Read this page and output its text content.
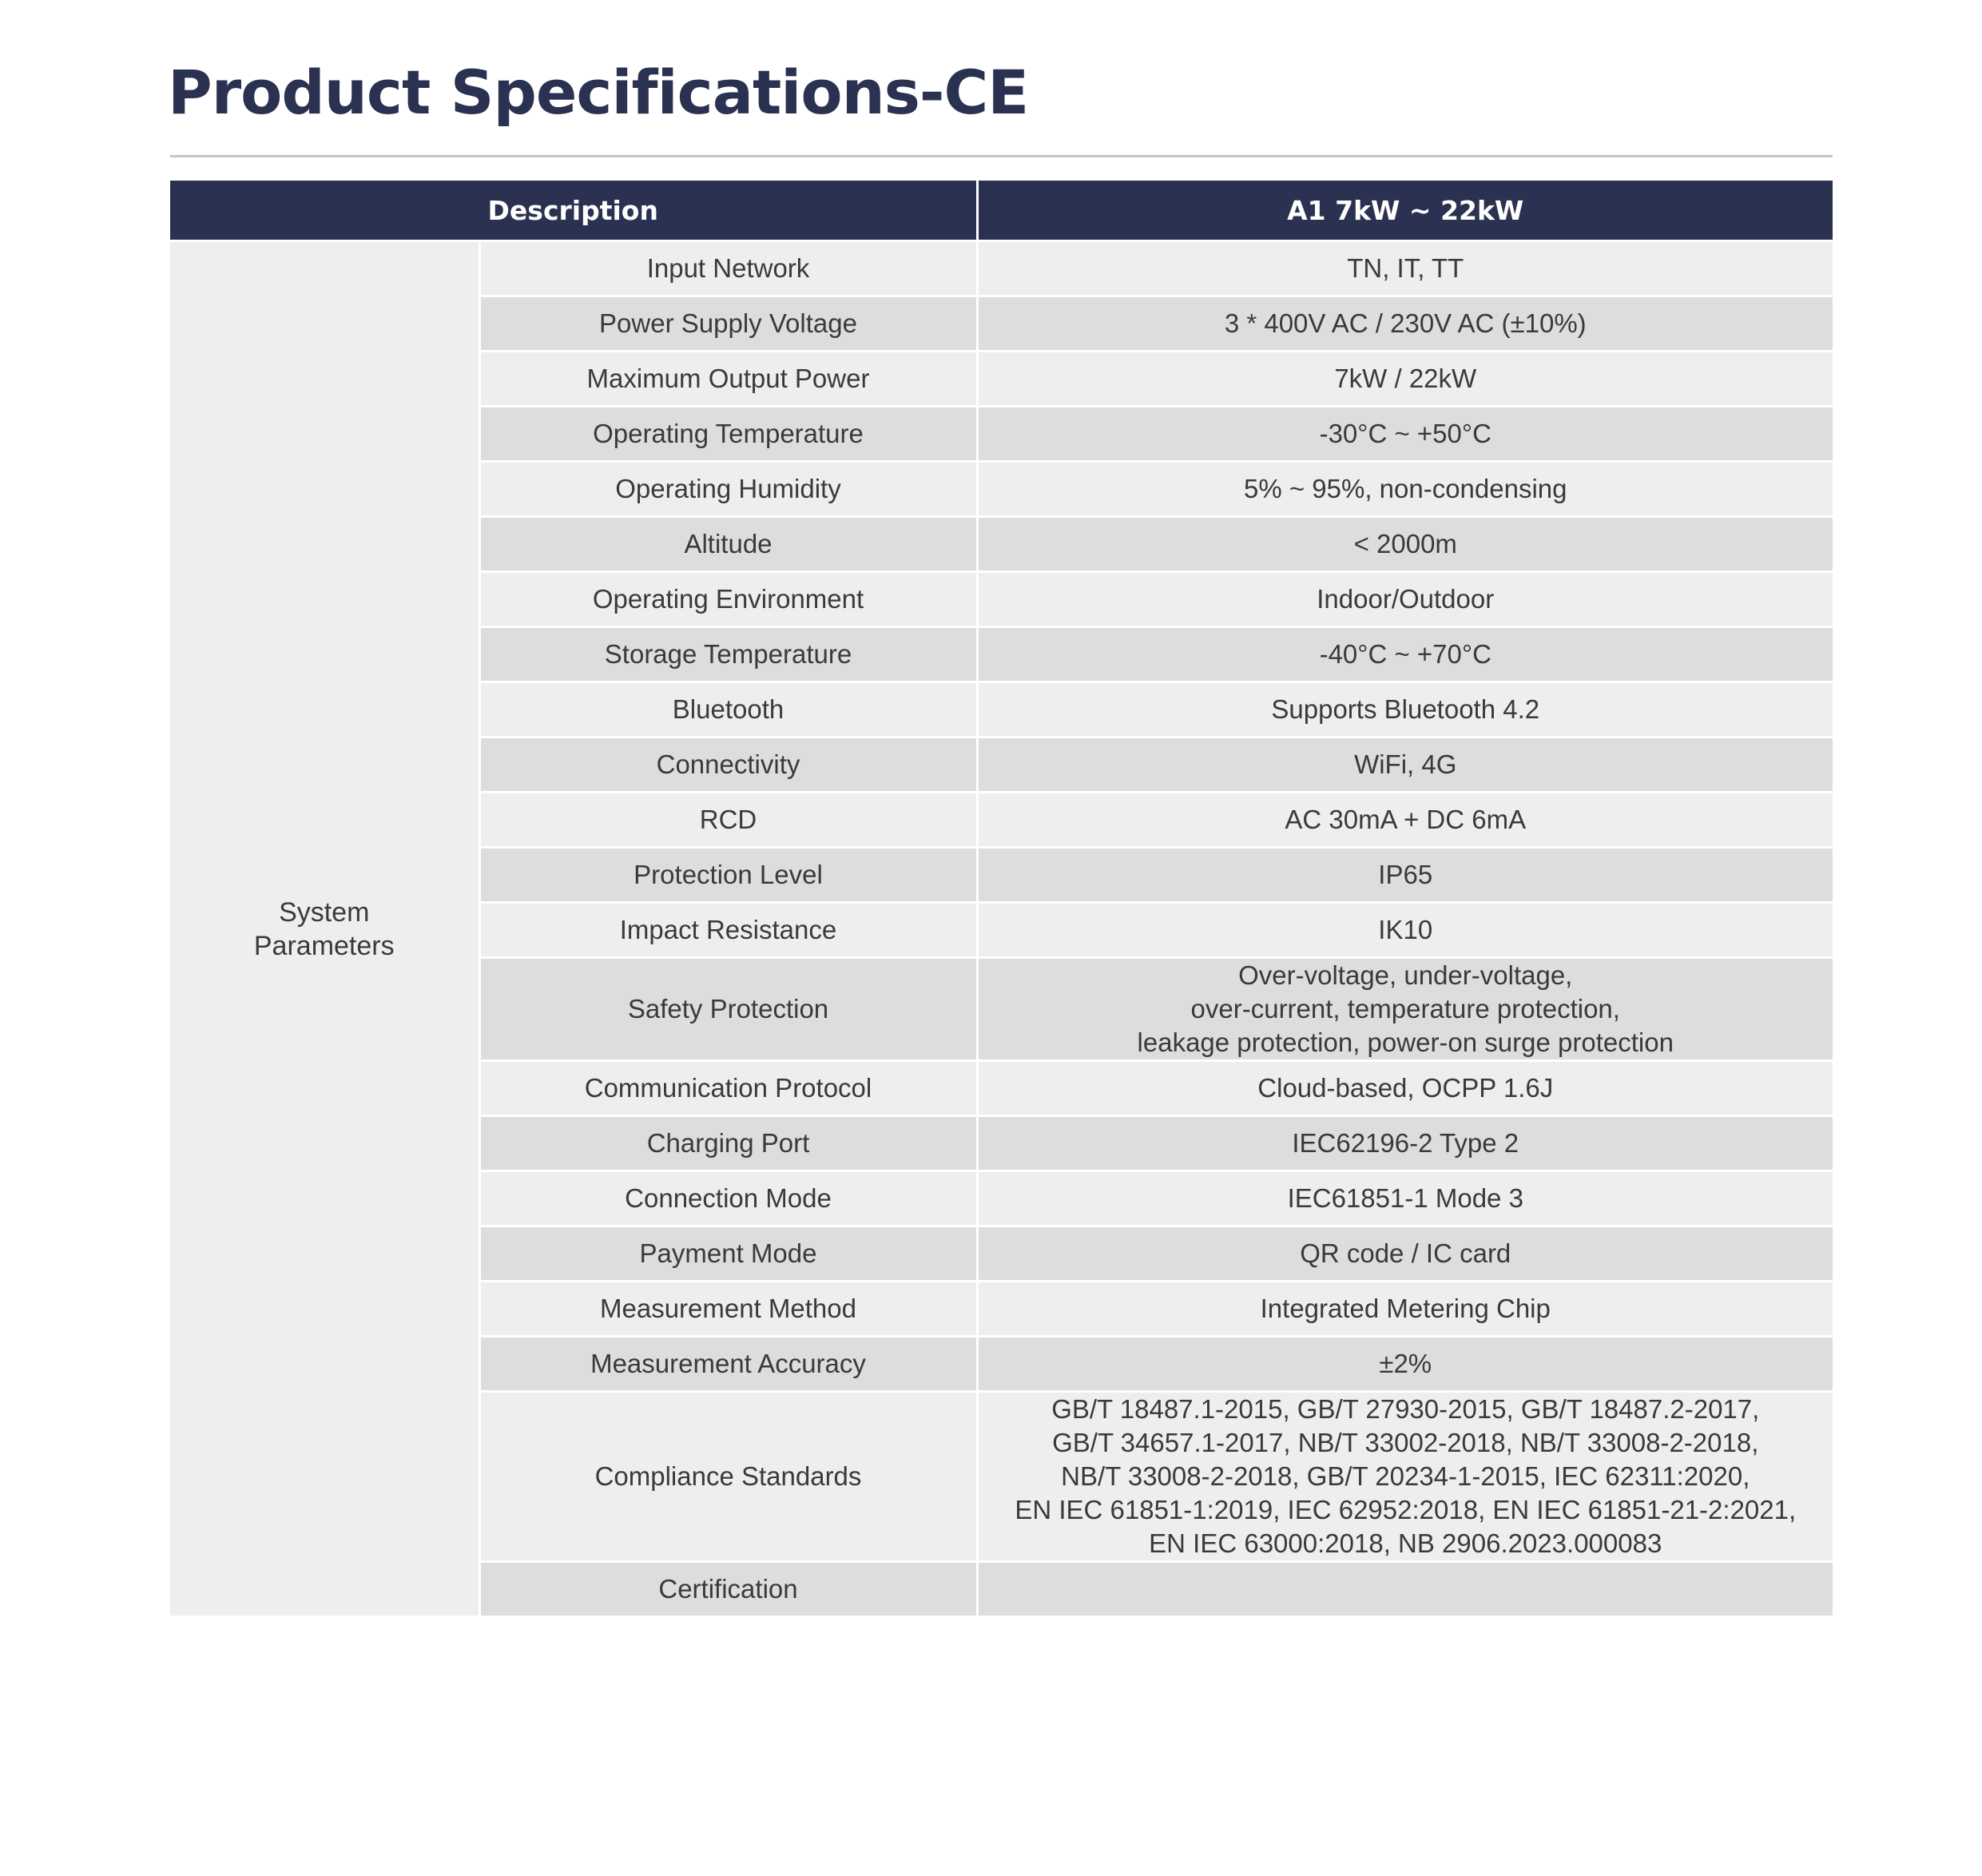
Product Specifications-CE
Description		A1 7kW ~ 22kW

System
Parameters	Input Network	TN, IT, TT

	Power Supply Voltage	3 * 400V AC / 230V AC (±10%)

	Maximum Output Power	7kW / 22kW

	Operating Temperature	-30°C ~ +50°C

	Operating Humidity	5% ~ 95%, non-condensing

	Altitude	< 2000m

	Operating Environment	Indoor/Outdoor

	Storage Temperature	-40°C ~ +70°C

	Bluetooth	Supports Bluetooth 4.2

	Connectivity	WiFi, 4G

	RCD	AC 30mA + DC 6mA

	Protection Level	IP65

	Impact Resistance	IK10

	Safety Protection	Over-voltage, under-voltage,
over-current, temperature protection,
leakage protection, power-on surge protection

	Communication Protocol	Cloud-based, OCPP 1.6J

	Charging Port	IEC62196-2 Type 2

	Connection Mode	IEC61851-1 Mode 3

	Payment Mode	QR code / IC card

	Measurement Method	Integrated Metering Chip

	Measurement Accuracy	±2%

	Compliance Standards	GB/T 18487.1-2015, GB/T 27930-2015, GB/T 18487.2-2017,
GB/T 34657.1-2017, NB/T 33002-2018, NB/T 33008-2-2018,
NB/T 33008-2-2018, GB/T 20234-1-2015, IEC 62311:2020,
EN IEC 61851-1:2019, IEC 62952:2018, EN IEC 61851-21-2:2021,
EN IEC 63000:2018, NB 2906.2023.000083

	Certification	
